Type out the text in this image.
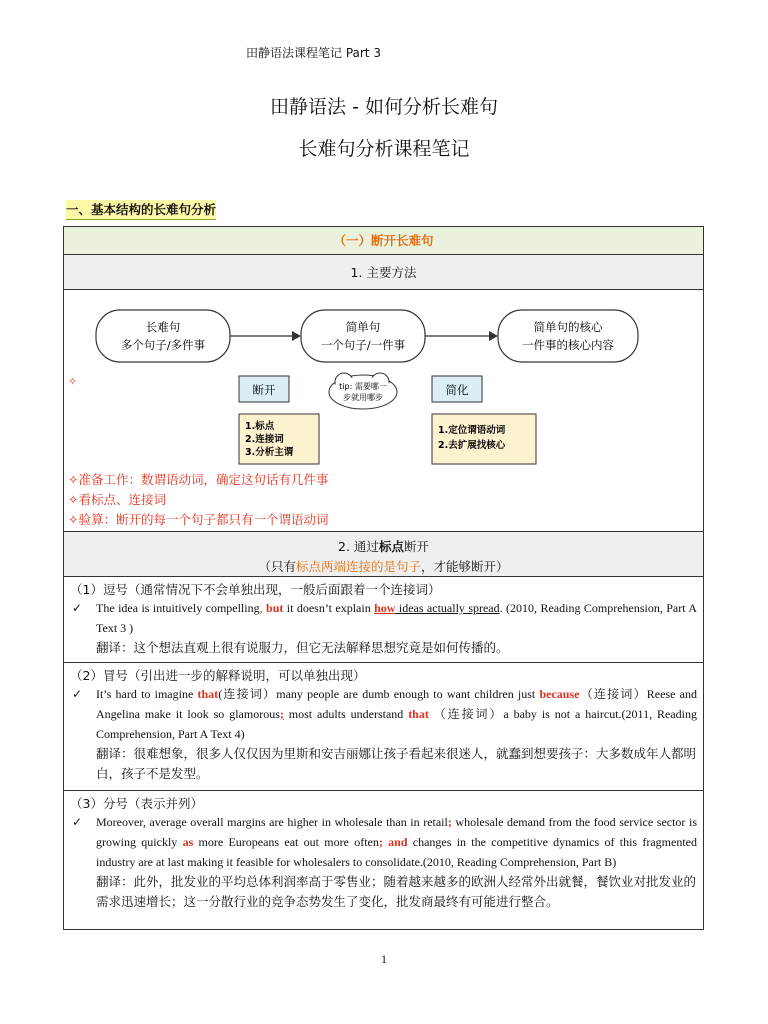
田静语法课程笔记 Part 3
田静语法 - 如何分析长难句
长难句分析课程笔记
一、基本结构的长难句分析
（一）断开长难句
1. 主要方法
长难句
多个句子/多件事
简单句
一个句子/一件事
简单句的核心
一件事的核心内容
断开	简化
tip: 需要哪一
步就用哪步
1.标点
2.连接词
3.分析主谓
1.定位谓语动词
2.去扩展找核心
✧
✧准备工作：数谓语动词，确定这句话有几件事
✧看标点、连接词
✧验算：断开的每一个句子都只有一个谓语动词
2. 通过标点断开
（只有标点两端连接的是句子，才能够断开）
（1）逗号（通常情况下不会单独出现，一般后面跟着一个连接词）
✓ The idea is intuitively compelling, but it doesn’t explain how ideas actually spread. (2010, Reading Comprehension, Part A Text 3 )
翻译：这个想法直观上很有说服力，但它无法解释思想究竟是如何传播的。
（2）冒号（引出进一步的解释说明，可以单独出现）
✓ It’s hard to imagine that(连接词）many people are dumb enough to want children just because（连接词）Reese and Angelina make it look so glamorous; most adults understand that （连接词）a baby is not a haircut.(2011, Reading Comprehension, Part A Text 4)
翻译：很难想象，很多人仅仅因为里斯和安吉丽娜让孩子看起来很迷人，就蠢到想要孩子：大多数成年人都明白，孩子不是发型。
（3）分号（表示并列）
✓ Moreover, average overall margins are higher in wholesale than in retail; wholesale demand from the food service sector is growing quickly as more Europeans eat out more often; and changes in the competitive dynamics of this fragmented industry are at last making it feasible for wholesalers to consolidate.(2010, Reading Comprehension, Part B)
翻译：此外，批发业的平均总体利润率高于零售业；随着越来越多的欧洲人经常外出就餐，餐饮业对批发业的需求迅速增长；这一分散行业的竞争态势发生了变化，批发商最终有可能进行整合。
1
